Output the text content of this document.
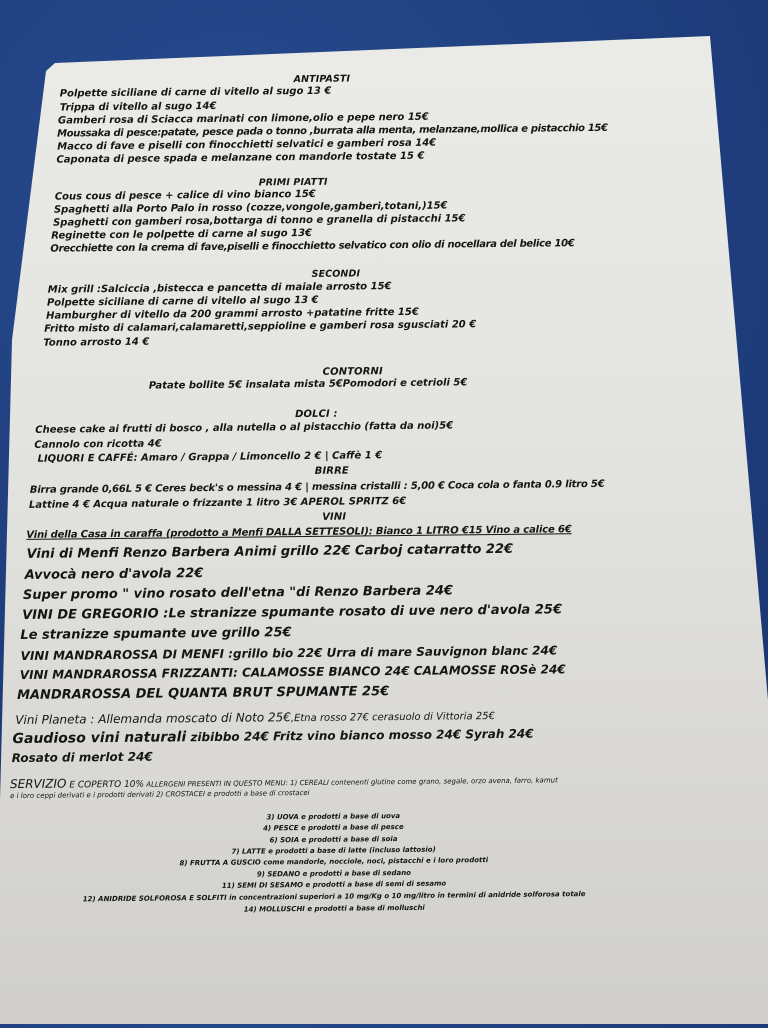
ANTIPASTI
Polpette siciliane di carne di vitello al sugo 13 €
Trippa di vitello al sugo 14€
Gamberi rosa di Sciacca marinati con limone,olio e pepe nero 15€
Moussaka di pesce:patate, pesce pada o tonno ,burrata alla menta, melanzane,mollica e pistacchio 15€
Macco di fave e piselli con finocchietti selvatici e gamberi rosa 14€
Caponata di pesce spada e melanzane con mandorle tostate 15 €
PRIMI PIATTI
Cous cous di pesce + calice di vino bianco 15€
Spaghetti alla Porto Palo in rosso (cozze,vongole,gamberi,totani,)15€
Spaghetti con gamberi rosa,bottarga di tonno e granella di pistacchi 15€
Reginette con le polpette di carne al sugo 13€
Orecchiette con la crema di fave,piselli e finocchietto selvatico con olio di nocellara del belice 10€
SECONDI
Mix grill :Salciccia ,bistecca e pancetta di maiale arrosto 15€
Polpette siciliane di carne di vitello al sugo 13 €
Hamburgher di vitello da 200 grammi arrosto +patatine fritte 15€
Fritto misto di calamari,calamaretti,seppioline e gamberi rosa sgusciati 20 €
Tonno arrosto 14 €
CONTORNI
Patate bollite 5€ insalata mista 5€Pomodori e cetrioli 5€
DOLCI :
Cheese cake ai frutti di bosco , alla nutella o al pistacchio (fatta da noi)5€
Cannolo con ricotta 4€
LIQUORI E CAFFÉ: Amaro / Grappa / Limoncello 2 € | Caffè 1 €
BIRRE
Birra grande 0,66L 5 € Ceres beck's o messina 4 € | messina cristalli : 5,00 € Coca cola o fanta 0.9 litro 5€
Lattine 4 € Acqua naturale o frizzante 1 litro 3€ APEROL SPRITZ 6€
VINI
Vini della Casa in caraffa (prodotto a Menfi DALLA SETTESOLI): Bianco 1 LITRO €15 Vino a calice 6€
Vini di Menfi Renzo Barbera Animi grillo 22€ Carboj catarratto 22€
Avvocà nero d'avola 22€
Super promo " vino rosato dell'etna "di Renzo Barbera 24€
VINI DE GREGORIO :Le stranizze spumante rosato di uve nero d'avola 25€
Le stranizze spumante uve grillo 25€
VINI MANDRAROSSA DI MENFI :grillo bio 22€ Urra di mare Sauvignon blanc 24€
VINI MANDRAROSSA FRIZZANTI: CALAMOSSE BIANCO 24€ CALAMOSSE ROSè 24€
MANDRAROSSA DEL QUANTA BRUT SPUMANTE 25€
Vini Planeta : Allemanda moscato di Noto 25€,Etna rosso 27€ cerasuolo di Vittoria 25€
Gaudioso vini naturali zibibbo 24€ Fritz vino bianco mosso 24€ Syrah 24€
Rosato di merlot 24€
SERVIZIO E COPERTO 10% ALLERGENI PRESENTI IN QUESTO MENU: 1) CEREALI contenenti glutine come grano, segale, orzo avena, farro, kamut
e i loro ceppi derivati e i prodotti derivati 2) CROSTACEI e prodotti a base di crostacei
3) UOVA e prodotti a base di uova
4) PESCE e prodotti a base di pesce
6) SOIA e prodotti a base di soia
7) LATTE e prodotti a base di latte (incluso lattosio)
8) FRUTTA A GUSCIO come mandorle, nocciole, noci, pistacchi e i loro prodotti
9) SEDANO e prodotti a base di sedano
11) SEMI DI SESAMO e prodotti a base di semi di sesamo
12) ANIDRIDE SOLFOROSA E SOLFITI in concentrazioni superiori a 10 mg/Kg o 10 mg/litro in termini di anidride solforosa totale
14) MOLLUSCHI e prodotti a base di molluschi
